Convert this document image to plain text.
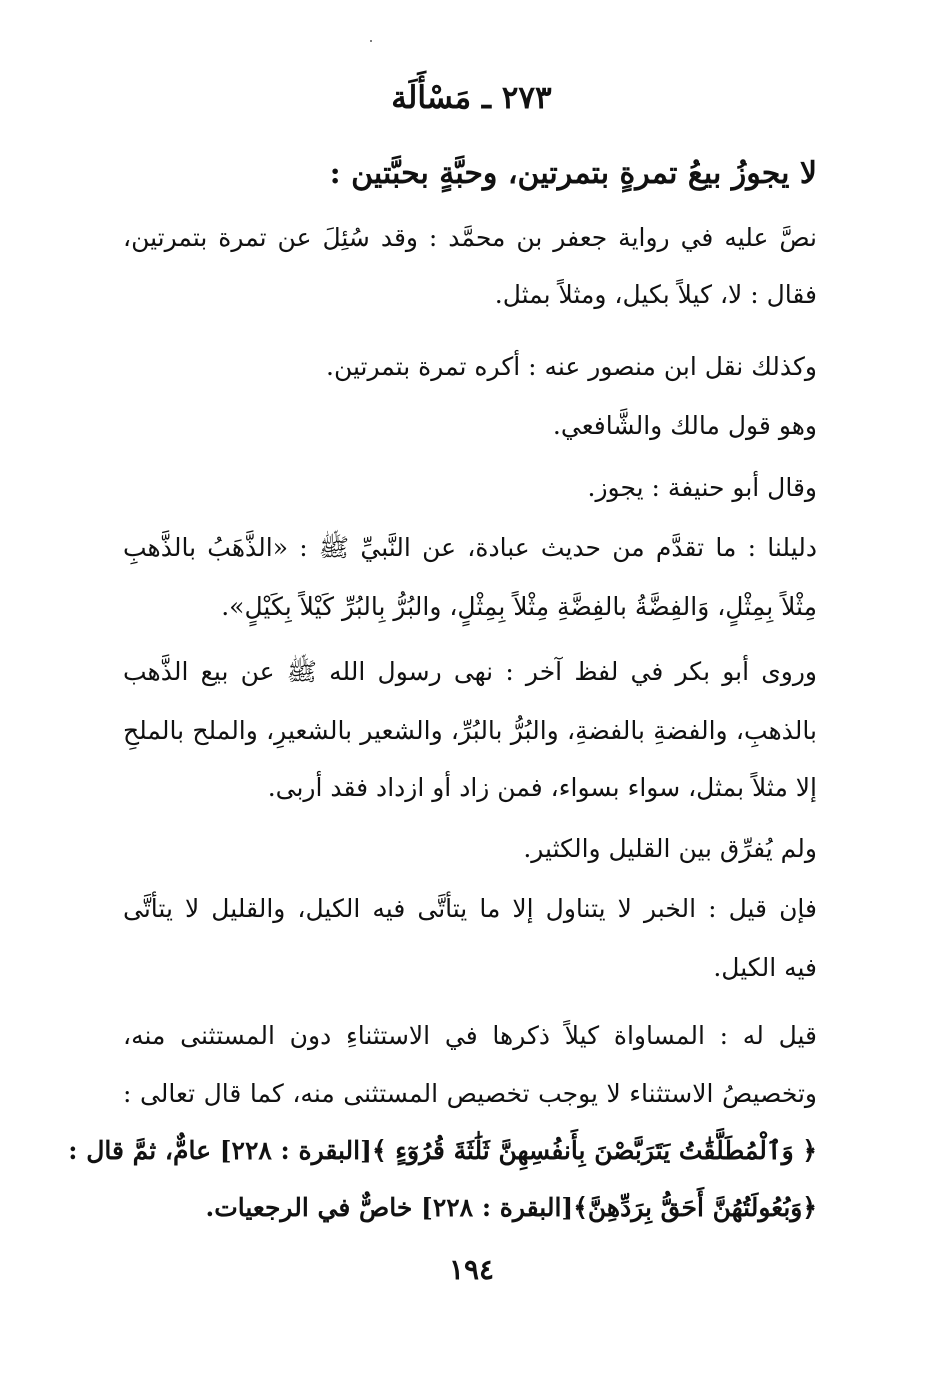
٢٧٣ ـ مَسْأَلَة
لا يجوزُ بيعُ تمرةٍ بتمرتين، وحبَّةٍ بحبَّتين :
نصَّ عليه في رواية جعفر بن محمَّد : وقد سُئِلَ عن تمرة بتمرتين،
فقال : لا، كيلاً بكيل، ومثلاً بمثل.
وكذلك نقل ابن منصور عنه : أكره تمرة بتمرتين.
وهو قول مالك والشَّافعي.
وقال أبو حنيفة : يجوز.
دليلنا : ما تقدَّم من حديث عبادة، عن النَّبيِّ ﷺ : «الذَّهَبُ بالذَّهبِ
مِثْلاً بِمِثْلٍ، وَالفِضَّةُ بالفِضَّةِ مِثْلاً بِمِثْلٍ، والبُرُّ بِالبُرِّ كَيْلاً بِكَيْلٍ».
وروى أبو بكر في لفظ آخر : نهى رسول الله ﷺ عن بيع الذَّهب
بالذهبِ، والفضةِ بالفضةِ، والبُرُّ بالبُرِّ، والشعير بالشعيرِ، والملح بالملحِ
إلا مثلاً بمثل، سواء بسواء، فمن زاد أو ازداد فقد أربى.
ولم يُفرِّق بين القليل والكثير.
فإن قيل : الخبر لا يتناول إلا ما يتأتَّى فيه الكيل، والقليل لا يتأتَّى
فيه الكيل.
قيل له : المساواة كيلاً ذكرها في الاستثناءِ دون المستثنى منه،
وتخصيصُ الاستثناء لا يوجب تخصيص المستثنى منه، كما قال تعالى :
﴿ وَٱلْمُطَلَّقَٰتُ يَتَرَبَّصْنَ بِأَنفُسِهِنَّ ثَلَٰثَةَ قُرُوٓءٍ ﴾[البقرة : ٢٢٨] عامٌّ، ثمَّ قال :
﴿وَبُعُولَتُهُنَّ أَحَقُّ بِرَدِّهِنَّ﴾[البقرة : ٢٢٨] خاصٌّ في الرجعيات.
١٩٤
